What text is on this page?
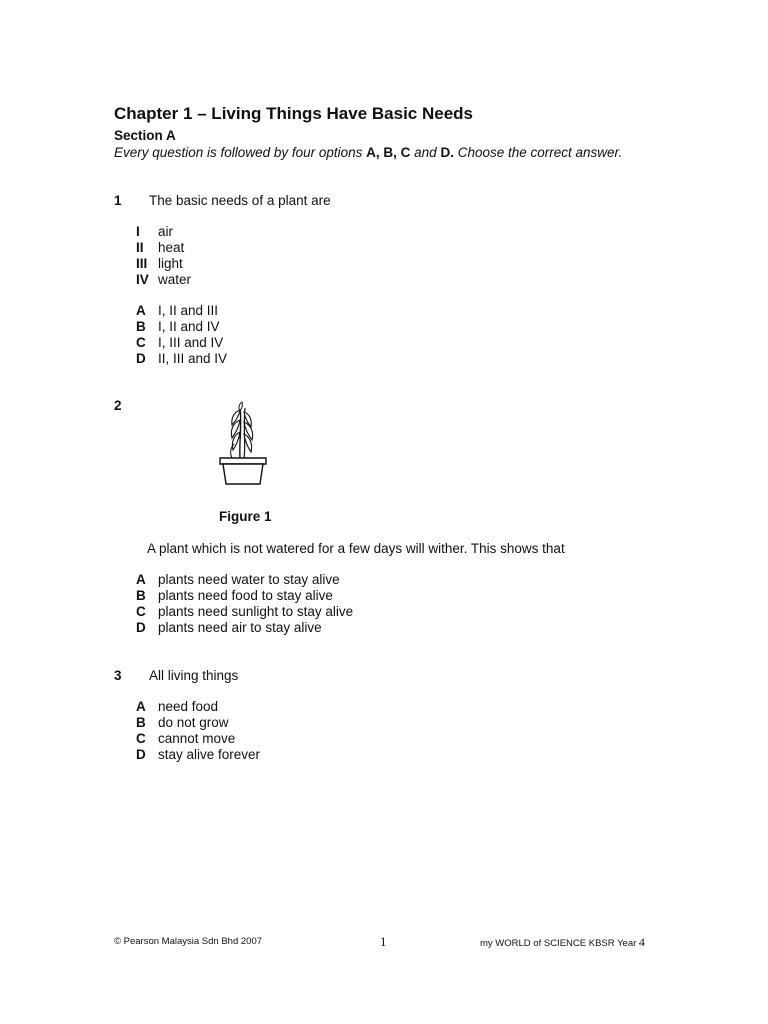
Chapter 1 – Living Things Have Basic Needs
Section A
Every question is followed by four options A, B, C and D. Choose the correct answer.
1 The basic needs of a plant are
I	air
II	heat
III light
IV water
A I, II and III
B I, II and IV
C I, III and IV
D II, III and IV
2
Figure 1
A plant which is not watered for a few days will wither. This shows that
A plants need water to stay alive
B plants need food to stay alive
C plants need sunlight to stay alive
D plants need air to stay alive
3 All living things
A need food
B do not grow
C cannot move
D stay alive forever
© Pearson Malaysia Sdn Bhd 2007	1	my WORLD of SCIENCE KBSR Year 4
